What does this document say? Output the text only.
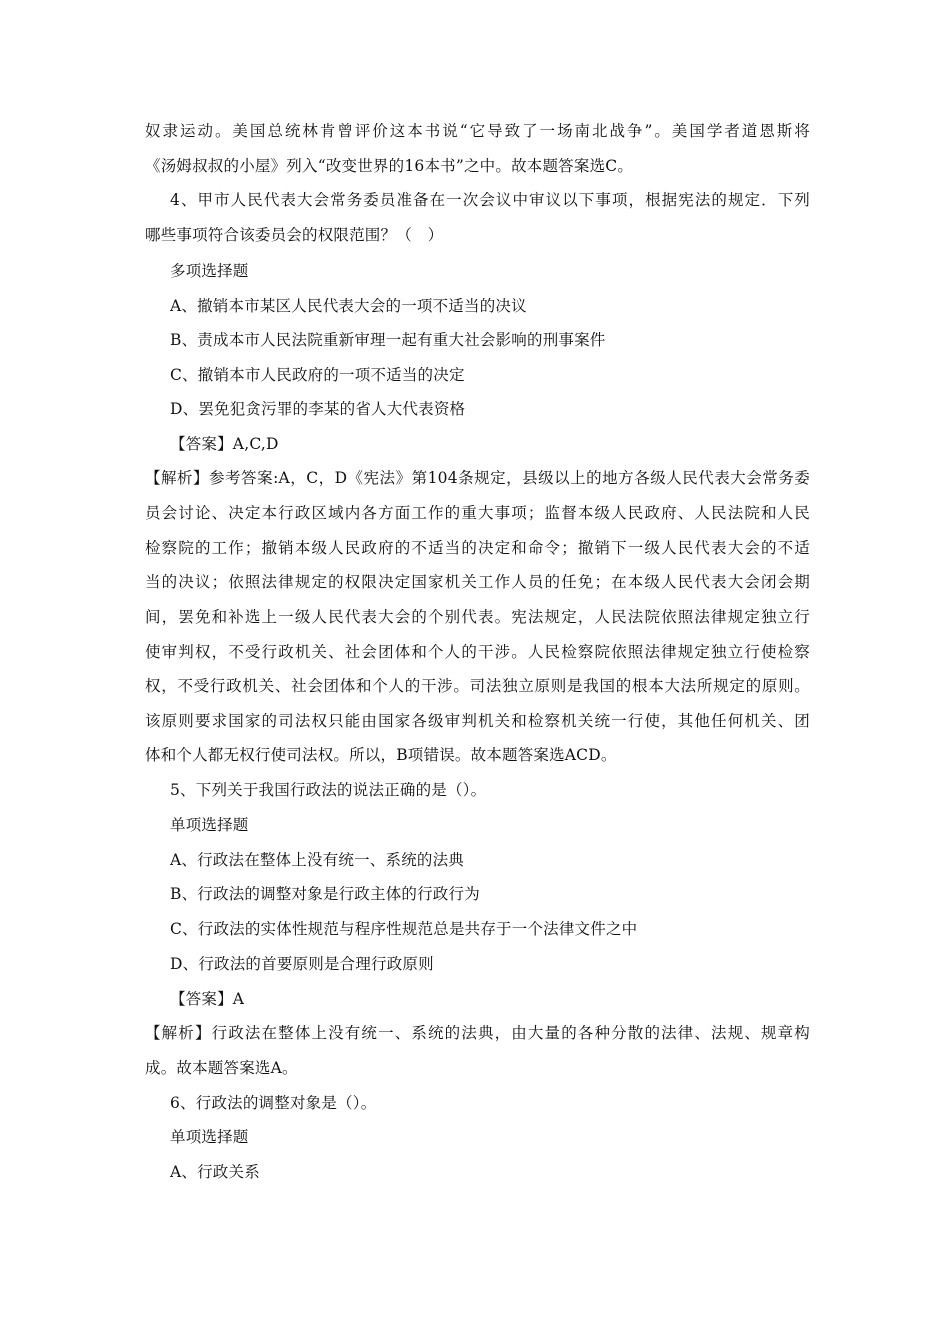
奴隶运动。美国总统林肯曾评价这本书说“它导致了一场南北战争”。美国学者道恩斯将
《汤姆叔叔的小屋》列入“改变世界的16本书”之中。故本题答案选C。
4、甲市人民代表大会常务委员准备在一次会议中审议以下事项，根据宪法的规定．下列
哪些事项符合该委员会的权限范围？（　）
多项选择题
A、撤销本市某区人民代表大会的一项不适当的决议
B、责成本市人民法院重新审理一起有重大社会影响的刑事案件
C、撤销本市人民政府的一项不适当的决定
D、罢免犯贪污罪的李某的省人大代表资格
【答案】A,C,D
【解析】参考答案:A，C，D《宪法》第104条规定，县级以上的地方各级人民代表大会常务委
员会讨论、决定本行政区域内各方面工作的重大事项；监督本级人民政府、人民法院和人民
检察院的工作；撤销本级人民政府的不适当的决定和命令；撤销下一级人民代表大会的不适
当的决议；依照法律规定的权限决定国家机关工作人员的任免；在本级人民代表大会闭会期
间，罢免和补选上一级人民代表大会的个别代表。宪法规定，人民法院依照法律规定独立行
使审判权，不受行政机关、社会团体和个人的干涉。人民检察院依照法律规定独立行使检察
权，不受行政机关、社会团体和个人的干涉。司法独立原则是我国的根本大法所规定的原则。
该原则要求国家的司法权只能由国家各级审判机关和检察机关统一行使，其他任何机关、团
体和个人都无权行使司法权。所以，B项错误。故本题答案选ACD。
5、下列关于我国行政法的说法正确的是（）。
单项选择题
A、行政法在整体上没有统一、系统的法典
B、行政法的调整对象是行政主体的行政行为
C、行政法的实体性规范与程序性规范总是共存于一个法律文件之中
D、行政法的首要原则是合理行政原则
【答案】A
【解析】行政法在整体上没有统一、系统的法典，由大量的各种分散的法律、法规、规章构
成。故本题答案选A。
6、行政法的调整对象是（）。
单项选择题
A、行政关系
